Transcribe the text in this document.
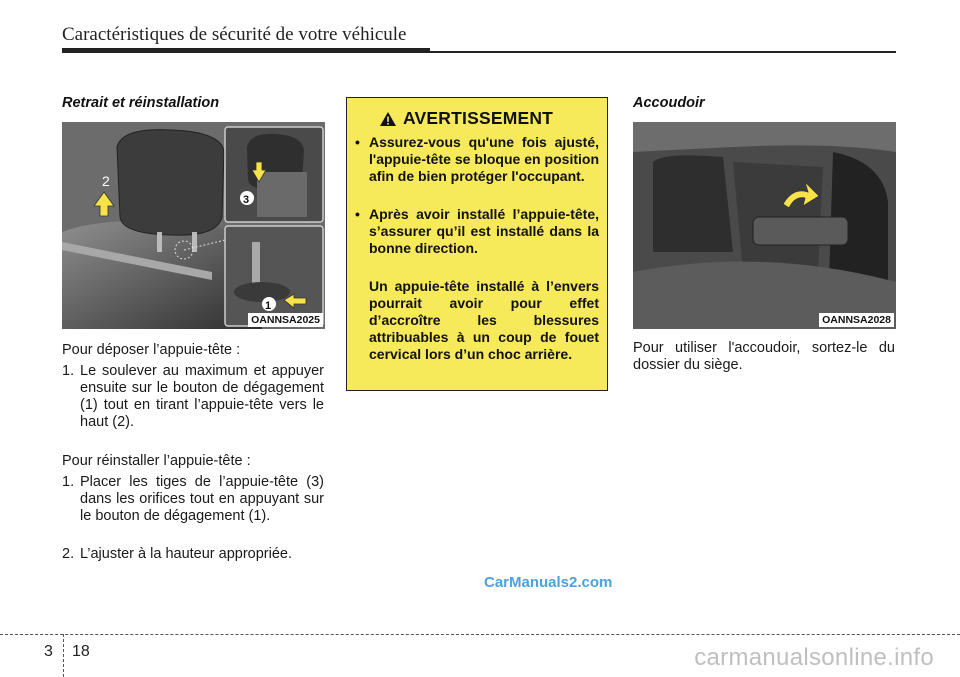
Caractéristiques de sécurité de votre véhicule
Retrait et réinstallation
2
3
1
OANNSA2025
Pour déposer l’appuie-tête :
1. Le soulever au maximum et appuyer ensuite sur le bouton de dégagement (1) tout en tirant l’appuie-tête vers le haut (2).
Pour réinstaller l’appuie-tête :
1. Placer les tiges de l’appuie-tête (3) dans les orifices tout en appuyant sur le bouton de dégagement (1).
2. L’ajuster à la hauteur appropriée.
AVERTISSEMENT
• Assurez-vous qu'une fois ajusté, l'appuie-tête se bloque en position afin de bien protéger l'occupant.
• Après avoir installé l’appuie-tête, s’assurer qu’il est installé dans la bonne direction.
Un appuie-tête installé à l’envers pourrait avoir pour effet d’accroître les blessures attribuables à un coup de fouet cervical lors d’un choc arrière.
Accoudoir
OANNSA2028
Pour utiliser l'accoudoir, sortez-le du dossier du siège.
CarManuals2.com
3 18	carmanualsonline.info
